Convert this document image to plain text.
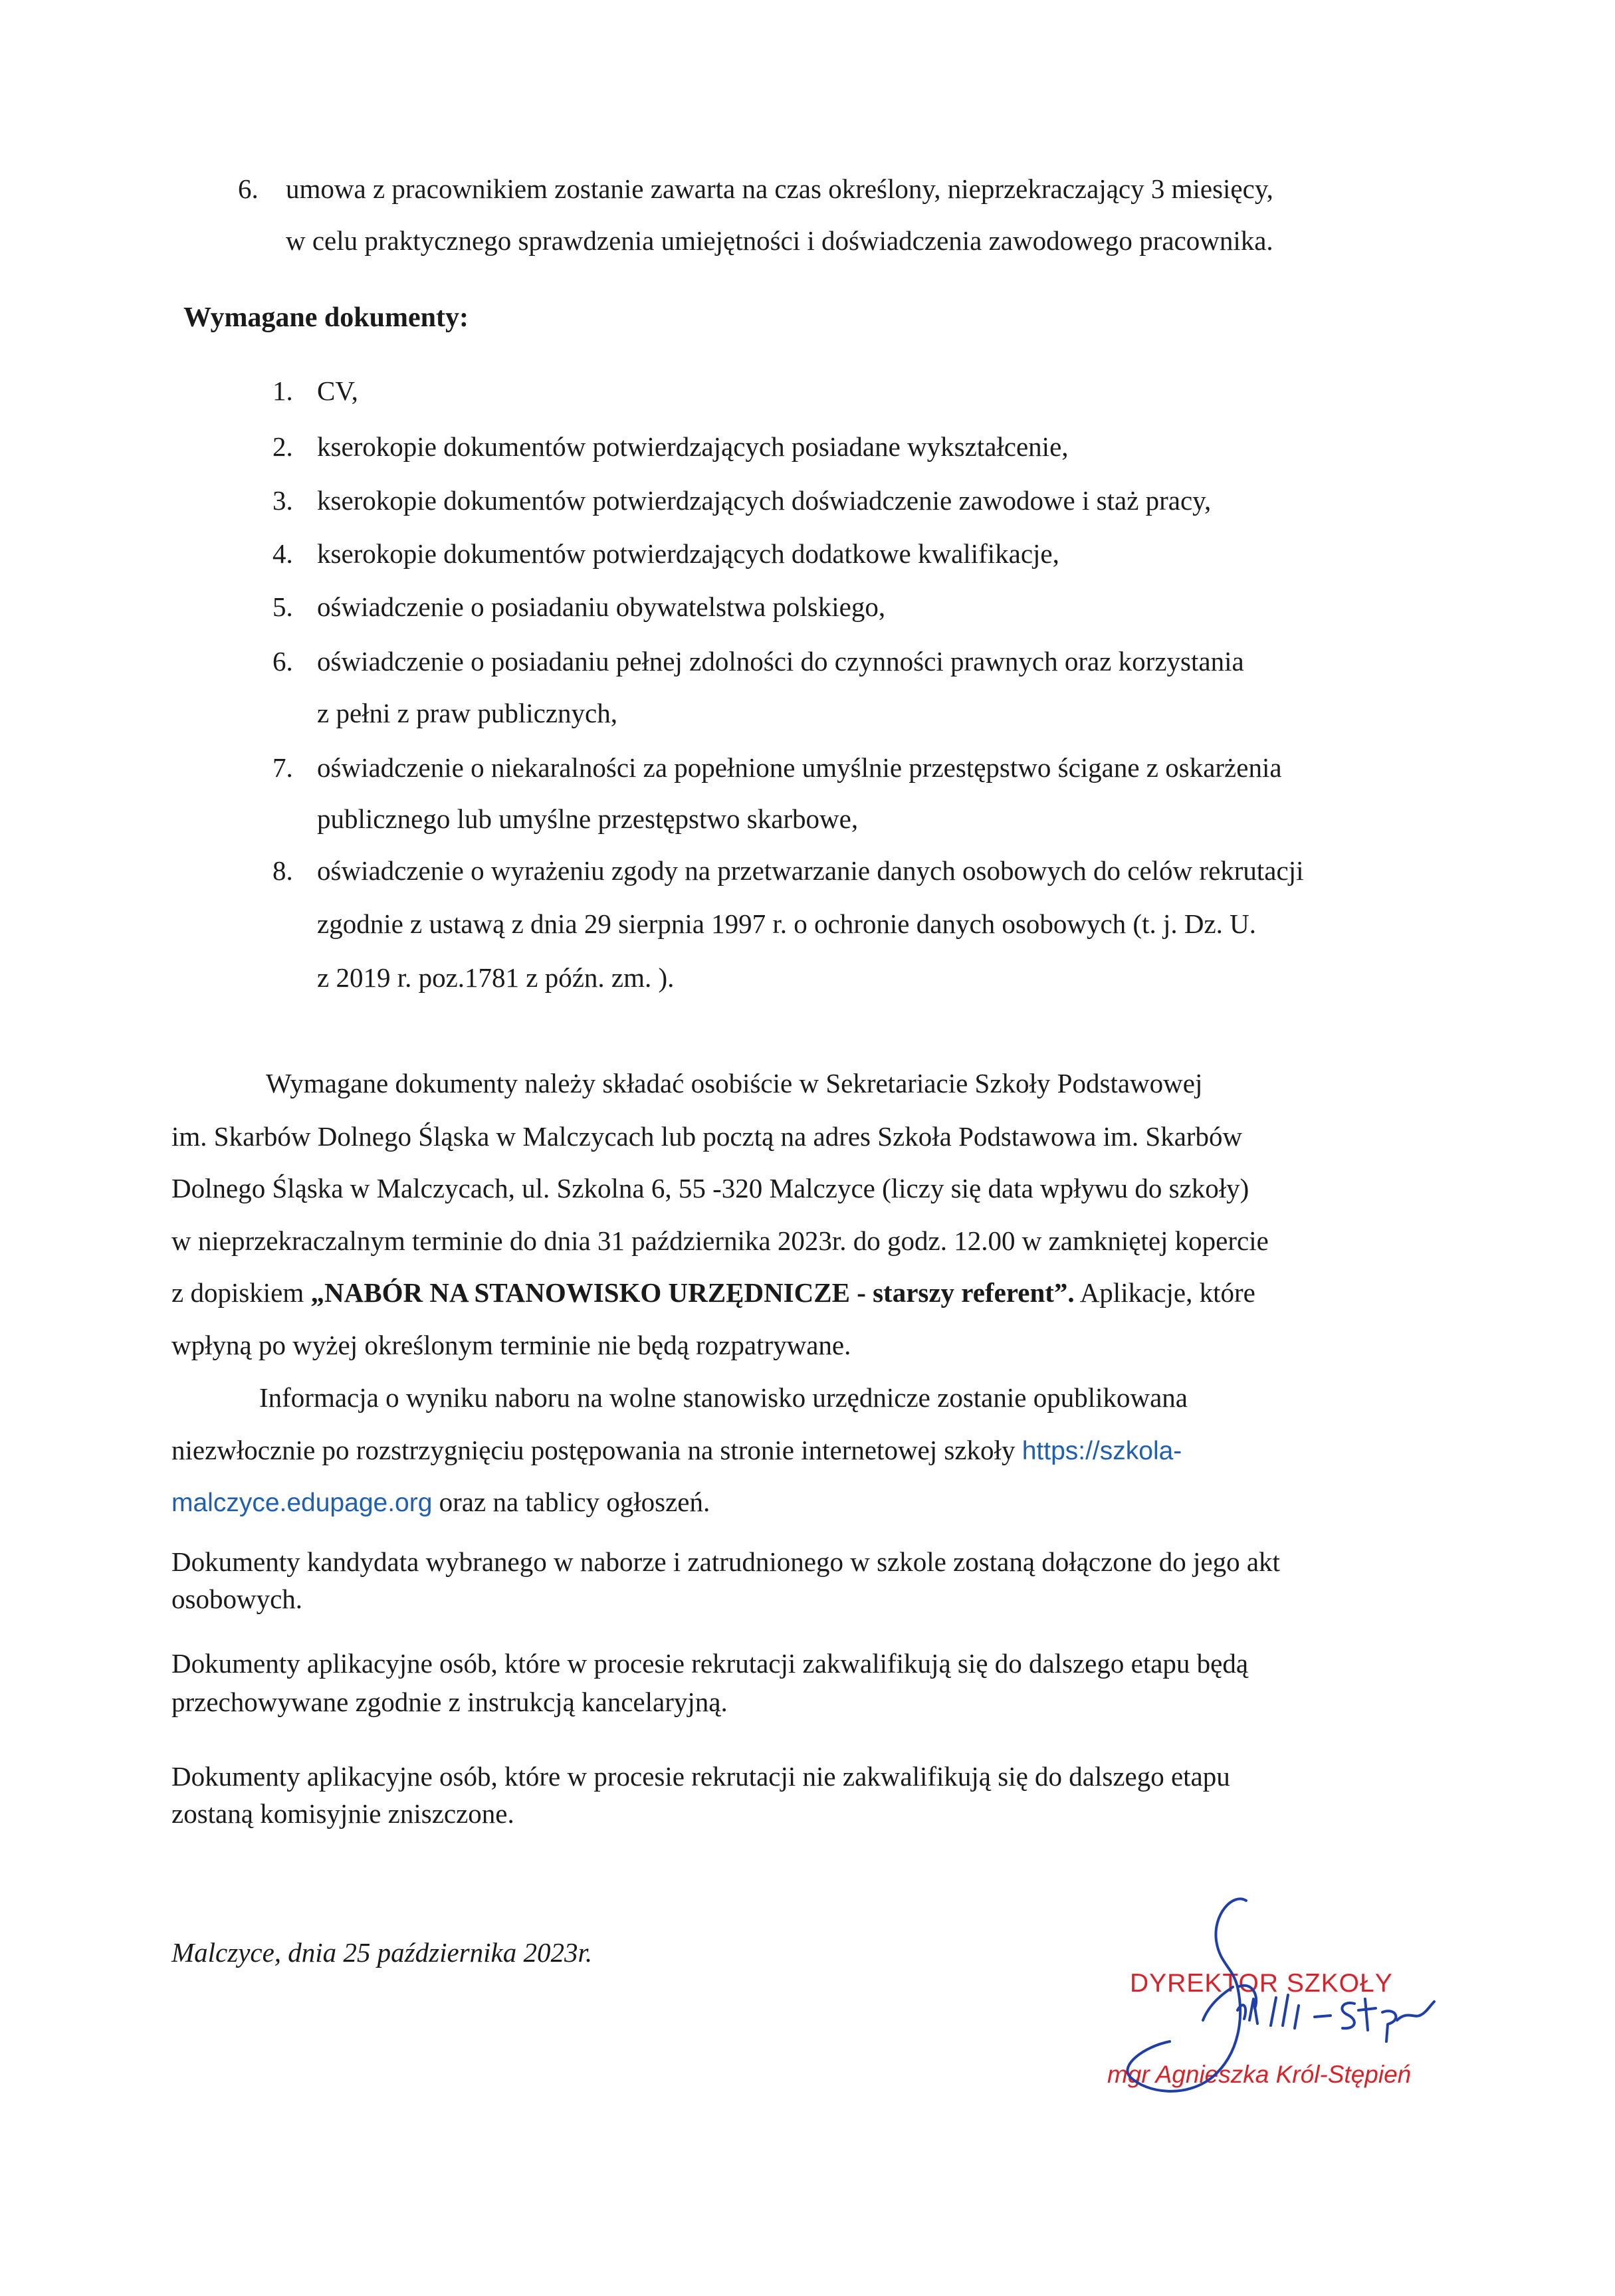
6. umowa z pracownikiem zostanie zawarta na czas określony, nieprzekraczający 3 miesięcy,
w celu praktycznego sprawdzenia umiejętności i doświadczenia zawodowego pracownika.
Wymagane dokumenty:
1. CV,
2. kserokopie dokumentów potwierdzających posiadane wykształcenie,
3. kserokopie dokumentów potwierdzających doświadczenie zawodowe i staż pracy,
4. kserokopie dokumentów potwierdzających dodatkowe kwalifikacje,
5. oświadczenie o posiadaniu obywatelstwa polskiego,
6. oświadczenie o posiadaniu pełnej zdolności do czynności prawnych oraz korzystania
z pełni z praw publicznych,
7. oświadczenie o niekaralności za popełnione umyślnie przestępstwo ścigane z oskarżenia
publicznego lub umyślne przestępstwo skarbowe,
8. oświadczenie o wyrażeniu zgody na przetwarzanie danych osobowych do celów rekrutacji
zgodnie z ustawą z dnia 29 sierpnia 1997 r. o ochronie danych osobowych (t. j. Dz. U.
z 2019 r. poz.1781 z późn. zm. ).
Wymagane dokumenty należy składać osobiście w Sekretariacie Szkoły Podstawowej
im. Skarbów Dolnego Śląska w Malczycach lub pocztą na adres Szkoła Podstawowa im. Skarbów
Dolnego Śląska w Malczycach, ul. Szkolna 6, 55 -320 Malczyce (liczy się data wpływu do szkoły)
w nieprzekraczalnym terminie do dnia 31 października 2023r. do godz. 12.00 w zamkniętej kopercie
z dopiskiem „NABÓR NA STANOWISKO URZĘDNICZE - starszy referent”. Aplikacje, które
wpłyną po wyżej określonym terminie nie będą rozpatrywane.
Informacja o wyniku naboru na wolne stanowisko urzędnicze zostanie opublikowana
niezwłocznie po rozstrzygnięciu postępowania na stronie internetowej szkoły https://szkola-
malczyce.edupage.org oraz na tablicy ogłoszeń.
Dokumenty kandydata wybranego w naborze i zatrudnionego w szkole zostaną dołączone do jego akt
osobowych.
Dokumenty aplikacyjne osób, które w procesie rekrutacji zakwalifikują się do dalszego etapu będą
przechowywane zgodnie z instrukcją kancelaryjną.
Dokumenty aplikacyjne osób, które w procesie rekrutacji nie zakwalifikują się do dalszego etapu
zostaną komisyjnie zniszczone.
Malczyce, dnia 25 października 2023r.
DYREKTOR SZKOŁY
mgr Agnieszka Król-Stępień
